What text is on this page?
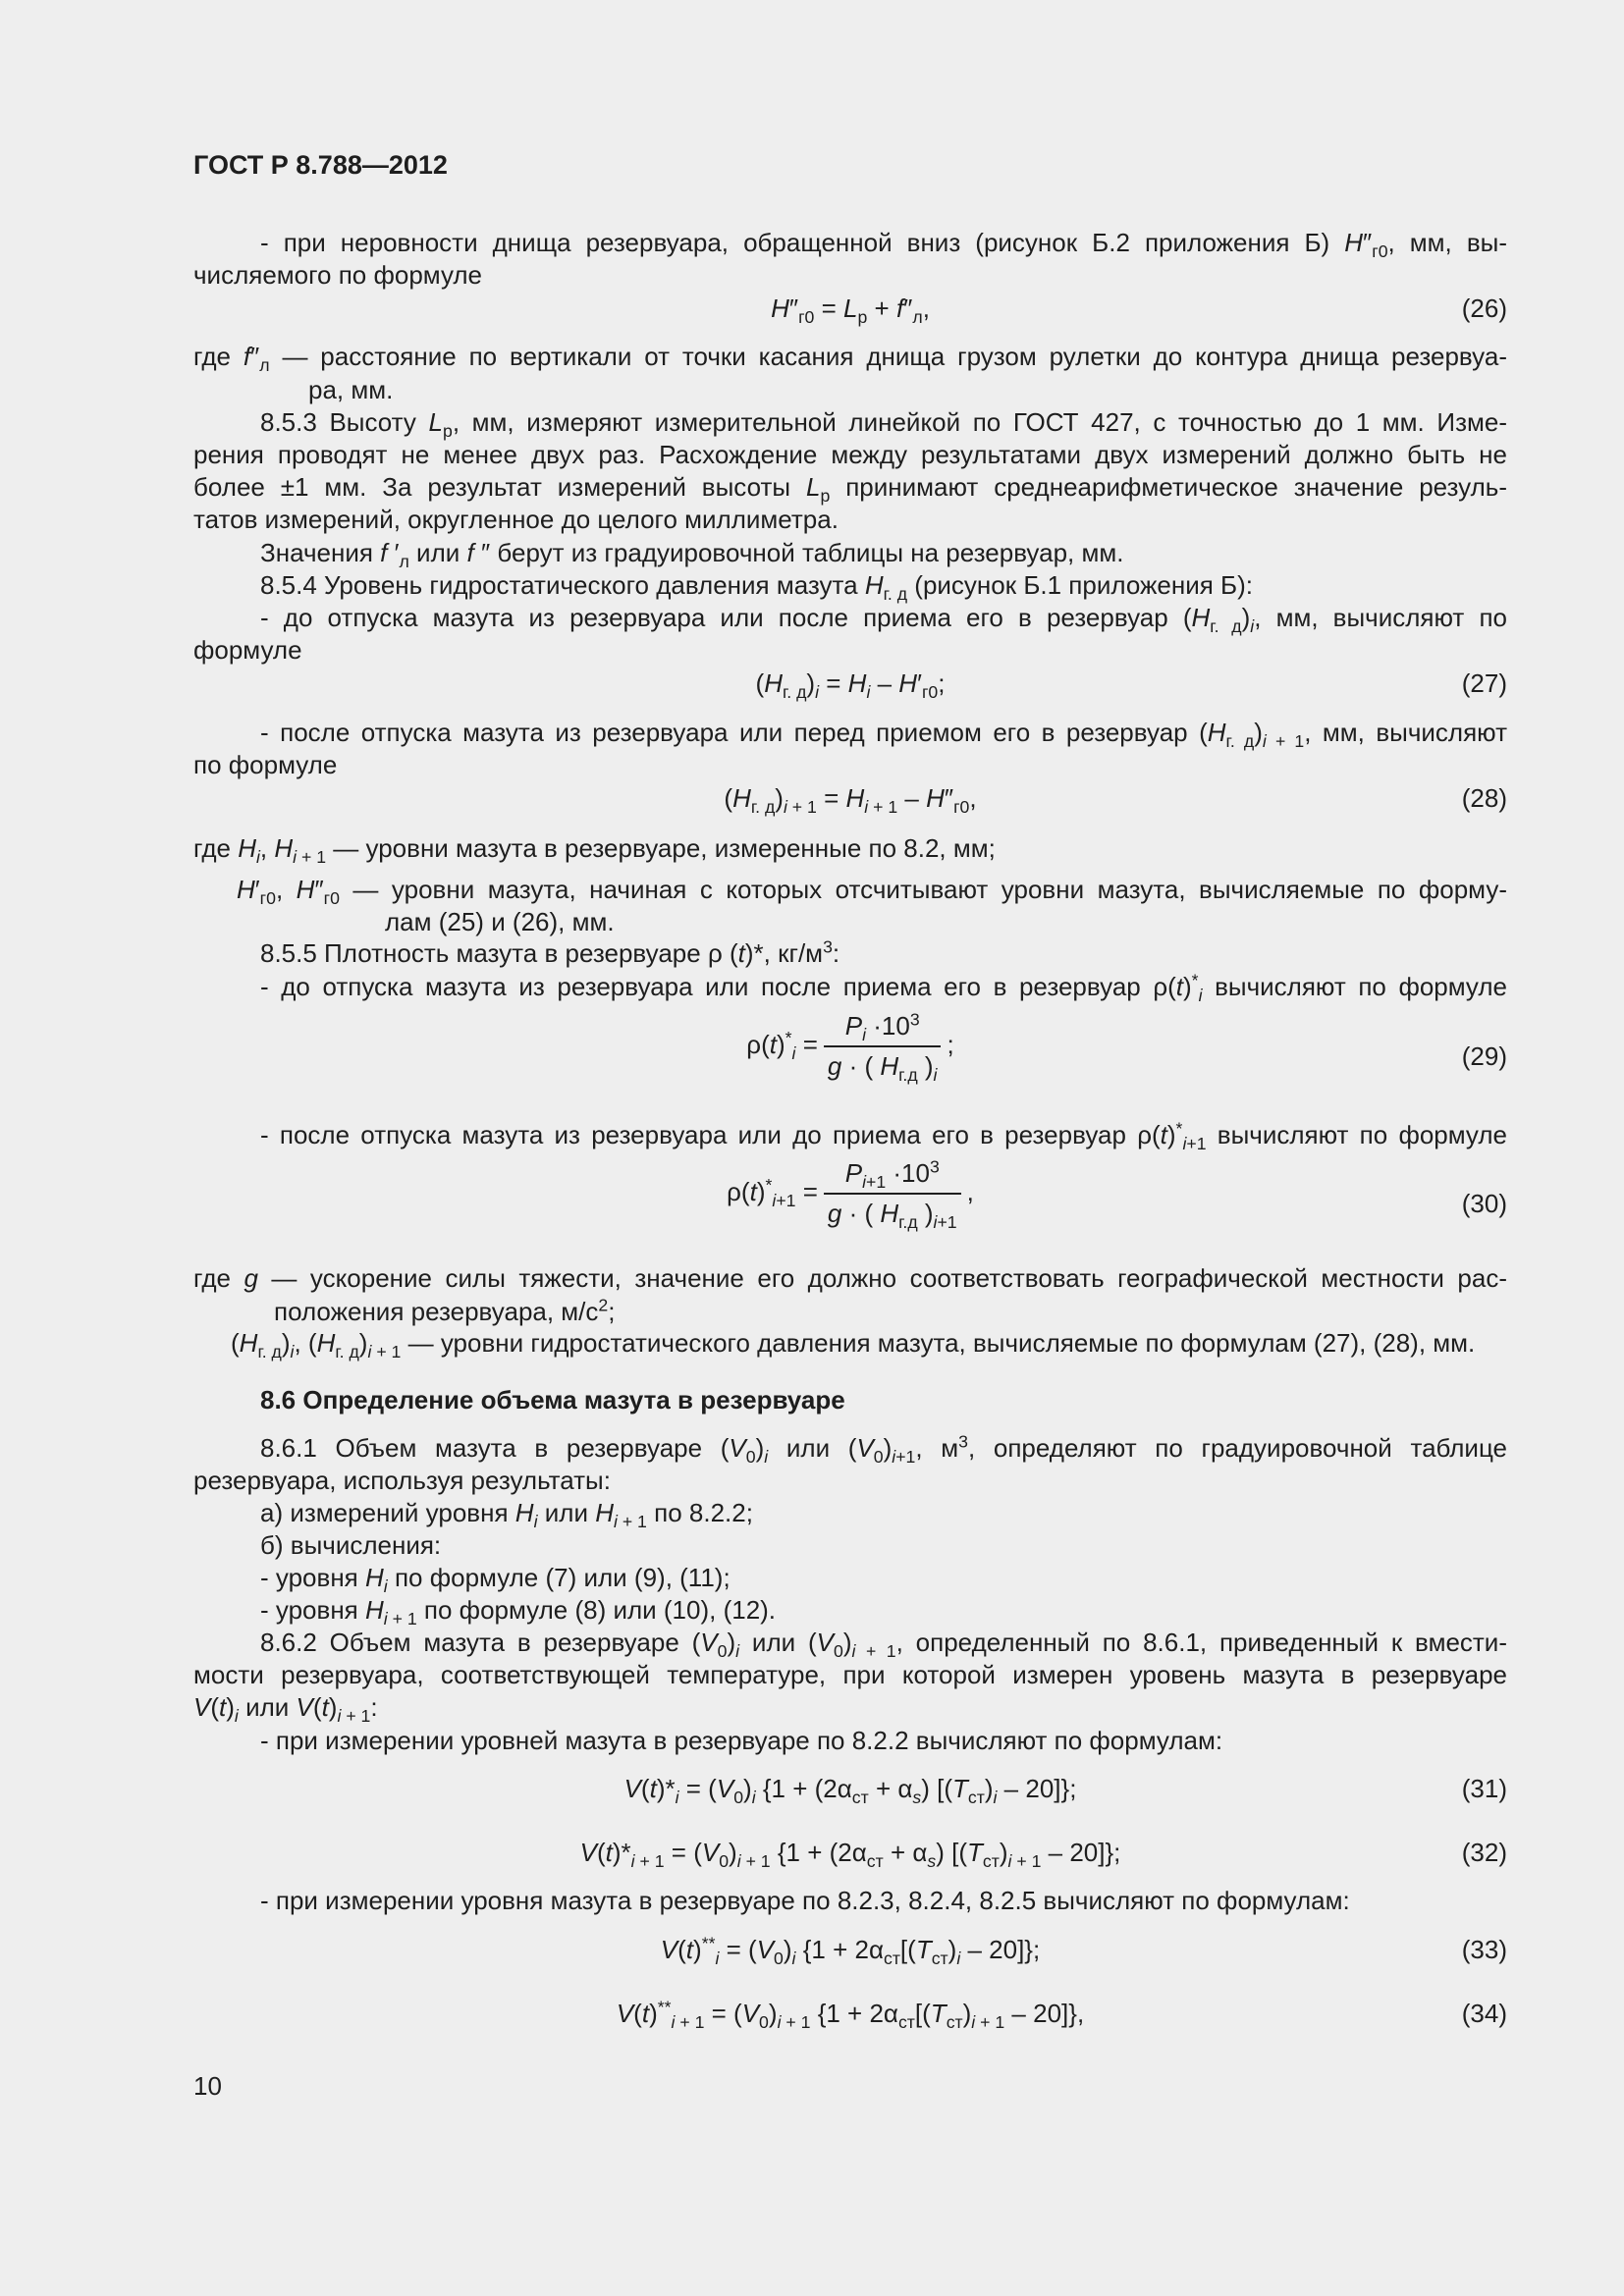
ГОСТ Р 8.788—2012
- при неровности днища резервуара, обращенной вниз (рисунок Б.2 приложения Б) $H''_{г0}$, мм, вы-
числяемого по формуле
$H''_{г0} = L_р + f''_л$,	(26)
где $f''_л$ — расстояние по вертикали от точки касания днища грузом рулетки до контура днища резервуа-
ра, мм.
8.5.3 Высоту $L_р$, мм, измеряют измерительной линейкой по ГОСТ 427, с точностью до 1 мм. Изме-
рения проводят не менее двух раз. Расхождение между результатами двух измерений должно быть не
более ±1 мм. За результат измерений высоты $L_р$ принимают среднеарифметическое значение резуль-
татов измерений, округленное до целого миллиметра.
Значения f $'_л$ или f ″ берут из градуировочной таблицы на резервуар, мм.
8.5.4 Уровень гидростатического давления мазута $H_{г. д}$ (рисунок Б.1 приложения Б):
- до отпуска мазута из резервуара или после приема его в резервуар $(H_{г. д})_i$, мм, вычисляют по
формуле
$(H_{г. д})_i = H_i - H'_{г0}$;	(27)
- после отпуска мазута из резервуара или перед приемом его в резервуар $(H_{г. д})_{i + 1}$, мм, вычисляют
по формуле
$(H_{г. д})_{i + 1} = H_{i + 1} - H''_{г0}$,	(28)
где $H_i$, $H_{i + 1}$ — уровни мазута в резервуаре, измеренные по 8.2, мм;
$H'_{г0}$, $H''_{г0}$ — уровни мазута, начиная с которых отсчитывают уровни мазута, вычисляемые по форму-
лам (25) и (26), мм.
8.5.5 Плотность мазута в резервуаре ρ (t)*, $кг/м^3$:
- до отпуска мазута из резервуара или после приема его в резервуар $\rho(t)^*_i$ вычисляют по формуле
$\rho(t)^*_i = \frac{P_i \cdot 10^3}{g \cdot ( H_{г.д} )_i}$ ;	(29)
- после отпуска мазута из резервуара или до приема его в резервуар $\rho(t)^*_{i+1}$ вычисляют по формуле
$\rho(t)^*_{i+1} = \frac{P_{i+1} \cdot 10^3}{g \cdot ( H_{г.д} )_{i+1}}$ ,	(30)
где g — ускорение силы тяжести, значение его должно соответствовать географической местности рас-
положения резервуара, $м/с^2$;
$(H_{г. д})_i$, $(H_{г. д})_{i + 1}$ — уровни гидростатического давления мазута, вычисляемые по формулам (27), (28), мм.
8.6 Определение объема мазута в резервуаре
8.6.1 Объем мазута в резервуаре $(V_0)_i$ или $(V_0)_{i+1}$, $м^3$, определяют по градуировочной таблице
резервуара, используя результаты:
а) измерений уровня $H_i$ или $H_{i + 1}$ по 8.2.2;
б) вычисления:
- уровня $H_i$ по формуле (7) или (9), (11);
- уровня $H_{i + 1}$ по формуле (8) или (10), (12).
8.6.2 Объем мазута в резервуаре $(V_0)_i$ или $(V_0)_{i + 1}$, определенный по 8.6.1, приведенный к вмести-
мости резервуара, соответствующей температуре, при которой измерен уровень мазута в резервуаре
$V(t)_i$ или $V(t)_{i + 1}$:
- при измерении уровней мазута в резервуаре по 8.2.2 вычисляют по формулам:
$V(t)*_i = (V_0)_i$ {$1 + (2\alpha_{ст} + \alpha_s)$ $[(T_{ст})_i - 20]$};	(31)
$V(t)*_{i + 1} = (V_0)_{i + 1}$ {$1 + (2\alpha_{ст} + \alpha_s)$ $[(T_{ст})_{i + 1} - 20]$};	(32)
- при измерении уровня мазута в резервуаре по 8.2.3, 8.2.4, 8.2.5 вычисляют по формулам:
$V(t)^{**}_i = (V_0)_i$ $\{1 + 2\alpha_{ст}[(T_{ст})_i - 20]\}$;	(33)
$V(t)^{**}_{i + 1} = (V_0)_{i + 1}$ $\{1 + 2\alpha_{ст}[(T_{ст})_{i + 1} - 20]\}$,	(34)
10
